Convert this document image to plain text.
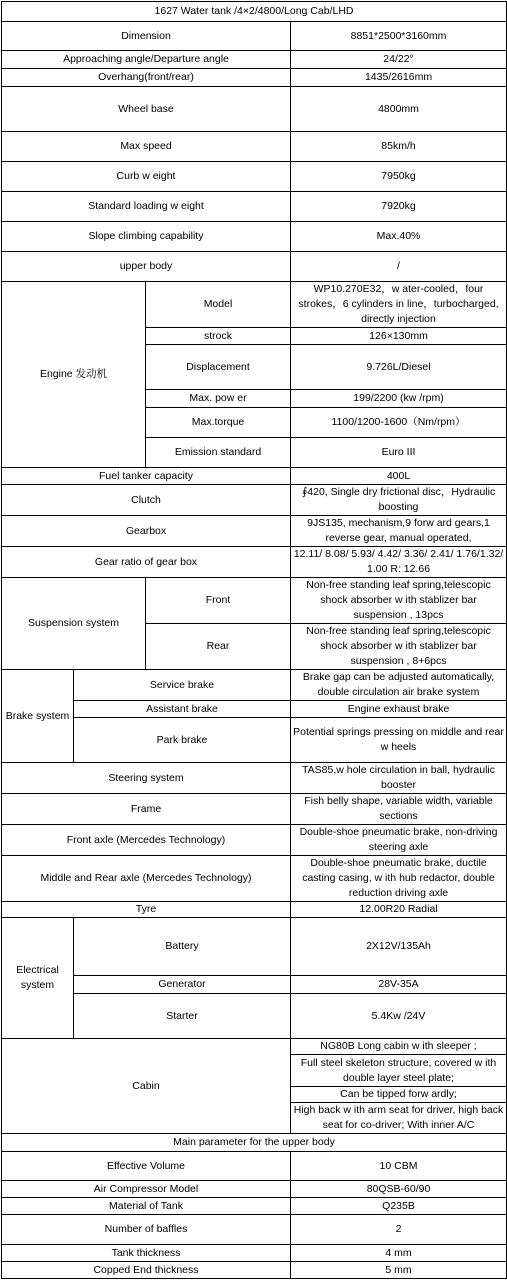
1627 Water tank /4×2/4800/Long Cab/LHD			
Dimension			8851*2500*3160mm
Approaching angle/Departure angle			24/22°
Overhang(front/rear)			1435/2616mm
Wheel base			4800mm
Max speed			85km/h
Curb w eight			7950kg
Standard loading w eight			7920kg
Slope climbing capability			Max.40%
upper body			/
Engine 发动机		Model	WP10.270E32，w ater-cooled，four strokes，6 cylinders in line，turbocharged, directly injection
		strock	126×130mm
		Displacement	9.726L/Diesel
		Max. pow er	199/2200 (kw /rpm)
		Max.torque	1100/1200-1600（Nm/rpm）
		Emission standard	Euro III
Fuel tanker capacity			400L
Clutch			∮420, Single dry frictional disc，Hydraulic boosting
Gearbox			9JS135, mechanism,9 forw ard gears,1 reverse gear, manual operated,
Gear ratio of gear box			12.11/ 8.08/ 5.93/ 4.42/ 3.36/ 2.41/ 1.76/1.32/ 1.00 R: 12.66
Suspension system		Front	Non-free standing leaf spring,telescopic shock absorber w ith stablizer bar suspension , 13pcs
		Rear	Non-free standing leaf spring,telescopic shock absorber w ith stablizer bar suspension , 8+6pcs
Brake system	Service brake		Brake gap can be adjusted automatically, double circulation air brake system
	Assistant brake		Engine exhaust brake
	Park brake		Potential springs pressing on middle and rear w heels
Steering system			TAS85,w hole circulation in ball, hydraulic booster
Frame			Fish belly shape, variable width, variable sections
Front axle (Mercedes Technology)			Double-shoe pneumatic brake, non-driving steering axle
Middle and Rear axle (Mercedes Technology)			Double-shoe pneumatic brake, ductile casting casing, w ith hub redactor, double reduction driving axle
Tyre			12.00R20 Radial
Electrical system	Battery		2X12V/135Ah
	Generator		28V-35A
	Starter		5.4Kw /24V
Cabin			NG80B Long cabin w ith sleeper ;
			Full steel skeleton structure, covered w ith double layer steel plate;
			Can be tipped forw ardly;
			High back w ith arm seat for driver, high back seat for co-driver; With inner A/C
Main parameter for the upper body			
Effective Volume			10 CBM
Air Compressor Model			80QSB-60/90
Material of Tank			Q235B
Number of baffles			2
Tank thickness			4 mm
Copped End thickness			5 mm
